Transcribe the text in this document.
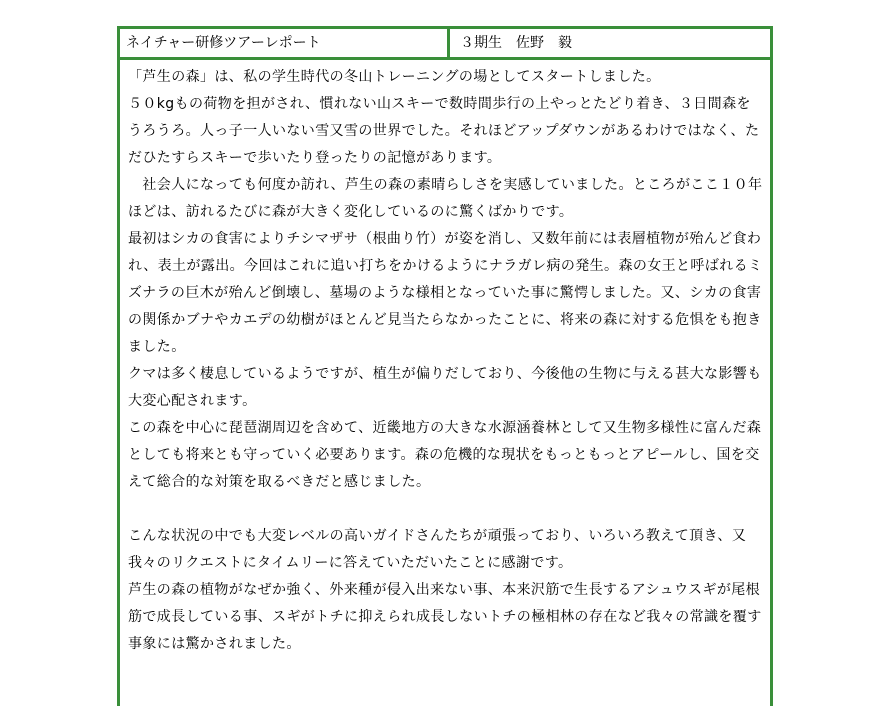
ネイチャー研修ツアーレポート	３期生　佐野　毅

「芦生の森」は、私の学生時代の冬山トレーニングの場としてスタートしました。

５０kgもの荷物を担がされ、慣れない山スキーで数時間歩行の上やっとたどり着き、３日間森をうろうろ。人っ子一人いない雪又雪の世界でした。それほどアップダウンがあるわけではなく、ただひたすらスキーで歩いたり登ったりの記憶があります。

　社会人になっても何度か訪れ、芦生の森の素晴らしさを実感していました。ところがここ１０年ほどは、訪れるたびに森が大きく変化しているのに驚くばかりです。

最初はシカの食害によりチシマザサ（根曲り竹）が姿を消し、又数年前には表層植物が殆んど食われ、表土が露出。今回はこれに追い打ちをかけるようにナラガレ病の発生。森の女王と呼ばれるミズナラの巨木が殆んど倒壊し、墓場のような様相となっていた事に驚愕しました。又、シカの食害の関係かブナやカエデの幼樹がほとんど見当たらなかったことに、将来の森に対する危惧をも抱きました。

クマは多く棲息しているようですが、植生が偏りだしており、今後他の生物に与える甚大な影響も大変心配されます。

この森を中心に琵琶湖周辺を含めて、近畿地方の大きな水源涵養林として又生物多様性に富んだ森としても将来とも守っていく必要あります。森の危機的な現状をもっともっとアピールし、国を交えて総合的な対策を取るべきだと感じました。

こんな状況の中でも大変レベルの高いガイドさんたちが頑張っており、いろいろ教えて頂き、又我々のリクエストにタイムリーに答えていただいたことに感謝です。

芦生の森の植物がなぜか強く、外来種が侵入出来ない事、本来沢筋で生長するアシュウスギが尾根筋で成長している事、スギがトチに抑えられ成長しないトチの極相林の存在など我々の常識を覆す事象には驚かされました。
